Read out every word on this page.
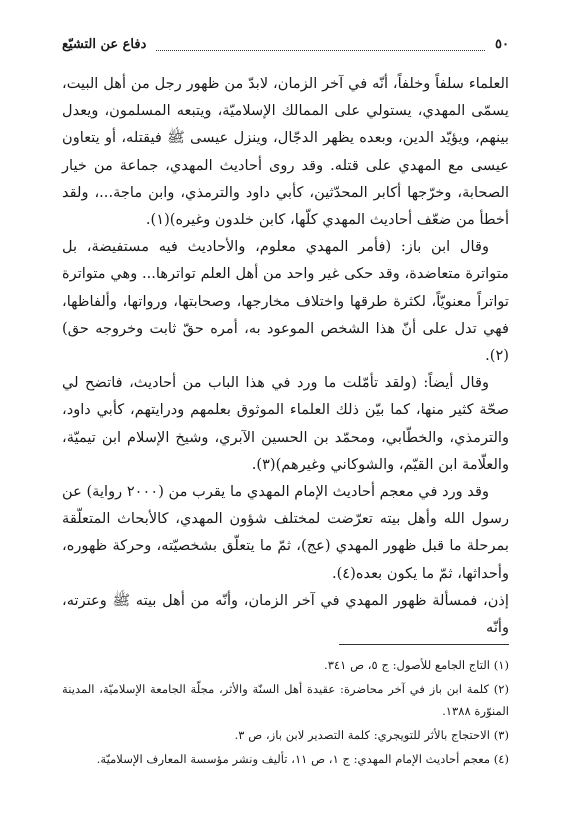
٥٠
دفاع عن التشيّع

العلماء سلفاً وخلفاً، أنّه في آخر الزمان، لابدّ من ظهور رجل من أهل البيت، يسمّى المهدي، يستولي على الممالك الإسلاميّة، ويتبعه المسلمون، ويعدل بينهم، ويؤيّد الدين، وبعده يظهر الدجّال، وينزل عيسى ﷺ فيقتله، أو يتعاون عيسى مع المهدي على قتله. وقد روى أحاديث المهدي، جماعة من خيار الصحابة، وخرّجها أكابر المحدّثين، كأبي داود والترمذي، وابن ماجة...، ولقد أخطأ من ضعّف أحاديث المهدي كلّها، كابن خلدون وغيره)(١).

وقال ابن باز: (فأمر المهدي معلوم، والأحاديث فيه مستفيضة، بل متواترة متعاضدة، وقد حكى غير واحد من أهل العلم تواترها... وهي متواترة تواتراً معنويّاً، لكثرة طرقها واختلاف مخارجها، وصحابتها، ورواتها، وألفاظها، فهي تدل على أنّ هذا الشخص الموعود به، أمره حقّ ثابت وخروجه حق)(٢).

وقال أيضاً: (ولقد تأمّلت ما ورد في هذا الباب من أحاديث، فاتضح لي صحّة كثير منها، كما بيّن ذلك العلماء الموثوق بعلمهم ودرايتهم، كأبي داود، والترمذي، والخطّابي، ومحمّد بن الحسين الآبري، وشيخ الإسلام ابن تيميّة، والعلّامة ابن القيّم، والشوكاني وغيرهم)(٣).

وقد ورد في معجم أحاديث الإمام المهدي ما يقرب من (٢٠٠٠ رواية) عن رسول الله وأهل بيته تعرّضت لمختلف شؤون المهدي، كالأبحاث المتعلّقة بمرحلة ما قبل ظهور المهدي (عج)، ثمّ ما يتعلّق بشخصيّته، وحركة ظهوره، وأحداثها، ثمّ ما يكون بعده(٤).

إذن، فمسألة ظهور المهدي في آخر الزمان، وأنّه من أهل بيته ﷺ وعترته، وأنّه

(١) التاج الجامع للأصول: ج ٥، ص ٣٤١.
(٢) كلمة ابن باز في آخر محاضرة: عقيدة أهل السنّة والأثر، مجلّة الجامعة الإسلاميّة، المدينة المنوّرة ١٣٨٨.
(٣) الاحتجاج بالأثر للتويجري: كلمة التصدير لابن باز، ص ٣.
(٤) معجم أحاديث الإمام المهدي: ج ١، ص ١١، تأليف ونشر مؤسسة المعارف الإسلاميّة.
